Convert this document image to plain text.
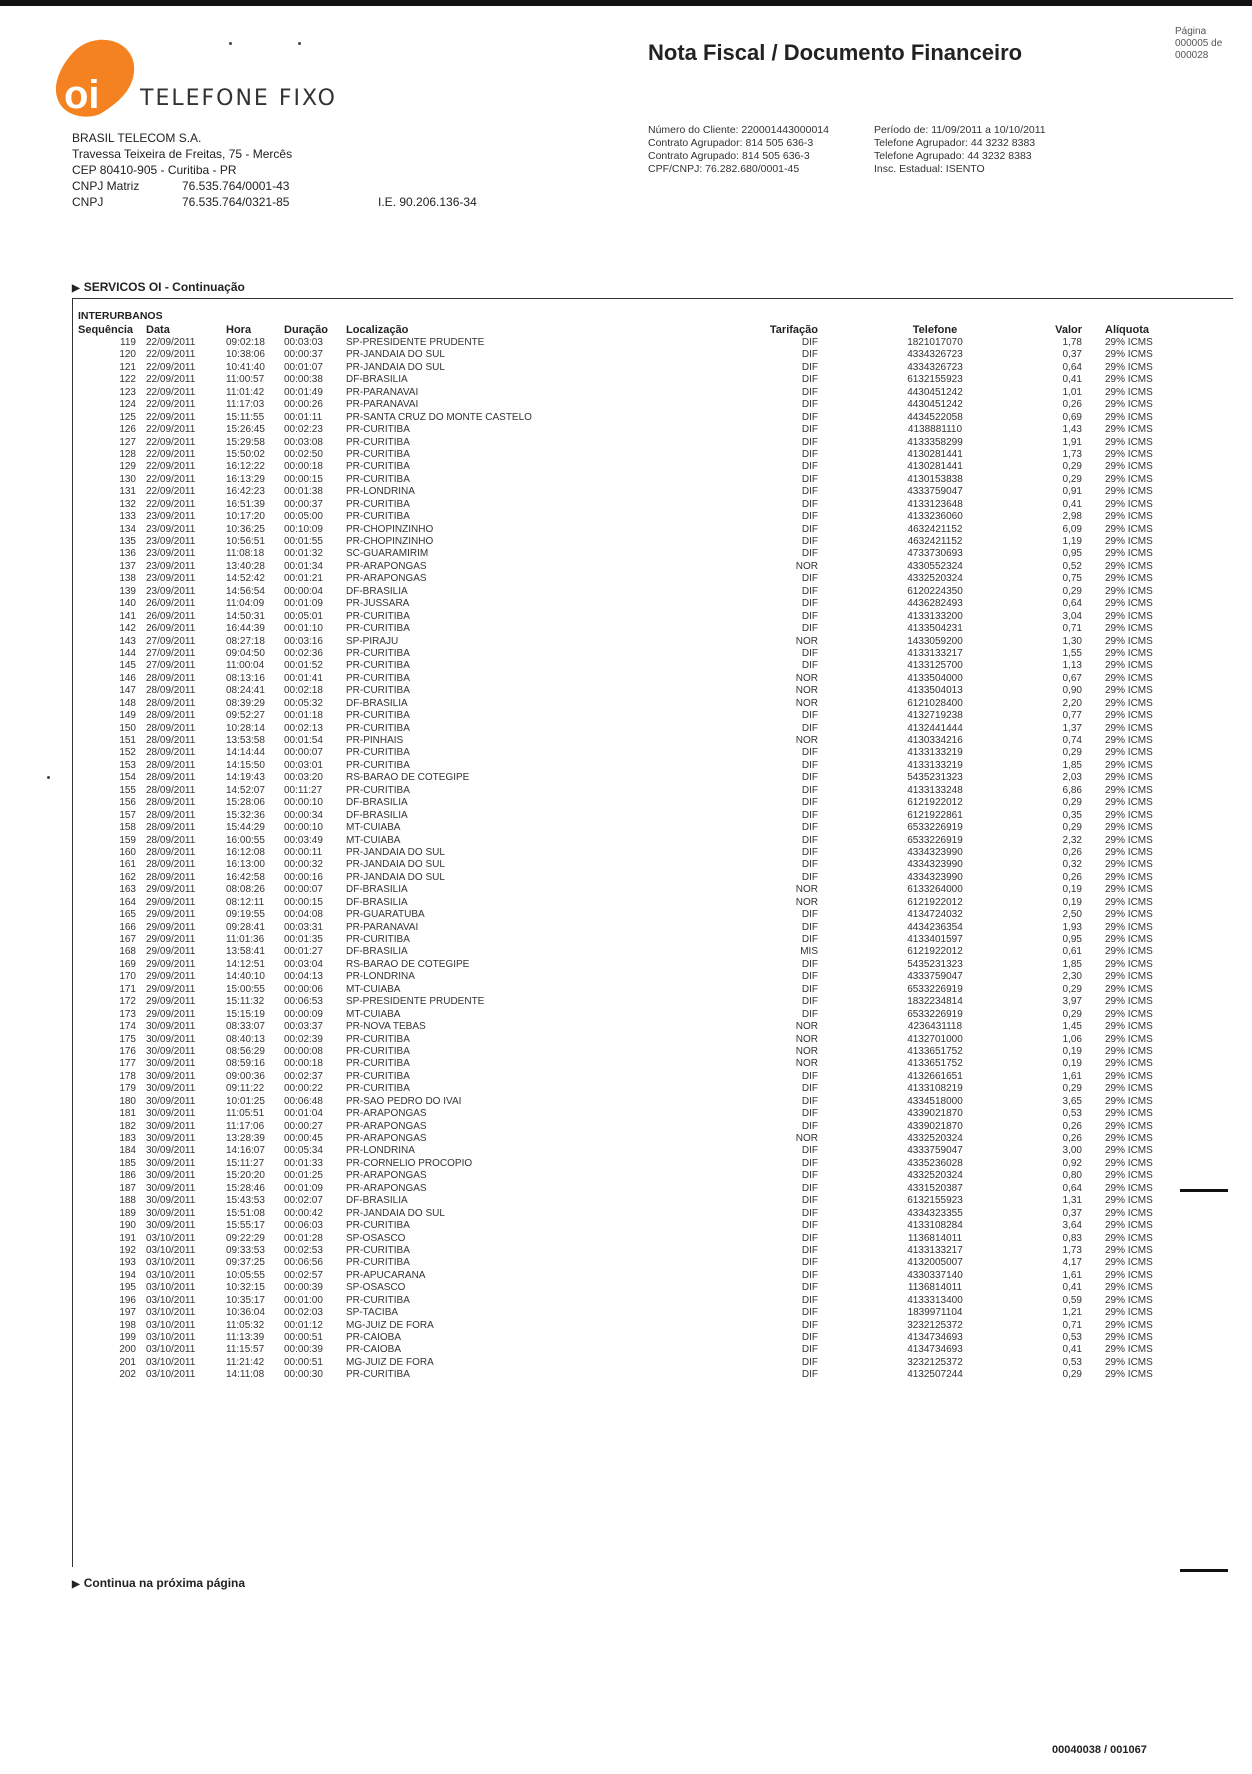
oi TELEFONE FIXO
Nota Fiscal / Documento Financeiro
Página
000005 de
000028
BRASIL TELECOM S.A.
Travessa Teixeira de Freitas, 75 - Mercês
CEP 80410-905 - Curitiba - PR
CNPJ Matriz	76.535.764/0001-43
CNPJ	76.535.764/0321-85	I.E. 90.206.136-34
Número do Cliente: 220001443000014
Contrato Agrupador: 814 505 636-3
Contrato Agrupado: 814 505 636-3
CPF/CNPJ: 76.282.680/0001-45
Período de: 11/09/2011 a 10/10/2011
Telefone Agrupador: 44 3232 8383
Telefone Agrupado: 44 3232 8383
Insc. Estadual: ISENTO
▶ SERVICOS OI - Continuação
INTERURBANOS
Sequência Data	Hora	Duração Localização	Tarifação	Telefone	Valor Alíquota
119 22/09/2011	09:02:18 00:03:03 SP-PRESIDENTE PRUDENTE	DIF	1821017070	1,78 29% ICMS
120 22/09/2011	10:38:06 00:00:37 PR-JANDAIA DO SUL	DIF	4334326723	0,37 29% ICMS
121 22/09/2011	10:41:40 00:01:07 PR-JANDAIA DO SUL	DIF	4334326723	0,64 29% ICMS
122 22/09/2011	11:00:57 00:00:38 DF-BRASILIA	DIF	6132155923	0,41 29% ICMS
123 22/09/2011	11:01:42 00:01:49 PR-PARANAVAI	DIF	4430451242	1,01 29% ICMS
124 22/09/2011	11:17:03 00:00:26 PR-PARANAVAI	DIF	4430451242	0,26 29% ICMS
125 22/09/2011	15:11:55 00:01:11 PR-SANTA CRUZ DO MONTE CASTELO	DIF	4434522058	0,69 29% ICMS
126 22/09/2011	15:26:45 00:02:23 PR-CURITIBA	DIF	4138881110	1,43 29% ICMS
127 22/09/2011	15:29:58 00:03:08 PR-CURITIBA	DIF	4133358299	1,91 29% ICMS
128 22/09/2011	15:50:02 00:02:50 PR-CURITIBA	DIF	4130281441	1,73 29% ICMS
129 22/09/2011	16:12:22 00:00:18 PR-CURITIBA	DIF	4130281441	0,29 29% ICMS
130 22/09/2011	16:13:29 00:00:15 PR-CURITIBA	DIF	4130153838	0,29 29% ICMS
131 22/09/2011	16:42:23 00:01:38 PR-LONDRINA	DIF	4333759047	0,91 29% ICMS
132 22/09/2011	16:51:39 00:00:37 PR-CURITIBA	DIF	4133123648	0,41 29% ICMS
133 23/09/2011	10:17:20 00:05:00 PR-CURITIBA	DIF	4133236060	2,98 29% ICMS
134 23/09/2011	10:36:25 00:10:09 PR-CHOPINZINHO	DIF	4632421152	6,09 29% ICMS
135 23/09/2011	10:56:51 00:01:55 PR-CHOPINZINHO	DIF	4632421152	1,19 29% ICMS
136 23/09/2011	11:08:18 00:01:32 SC-GUARAMIRIM	DIF	4733730693	0,95 29% ICMS
137 23/09/2011	13:40:28 00:01:34 PR-ARAPONGAS	NOR	4330552324	0,52 29% ICMS
138 23/09/2011	14:52:42 00:01:21 PR-ARAPONGAS	DIF	4332520324	0,75 29% ICMS
139 23/09/2011	14:56:54 00:00:04 DF-BRASILIA	DIF	6120224350	0,29 29% ICMS
140 26/09/2011	11:04:09 00:01:09 PR-JUSSARA	DIF	4436282493	0,64 29% ICMS
141 26/09/2011	14:50:31 00:05:01 PR-CURITIBA	DIF	4133133200	3,04 29% ICMS
142 26/09/2011	16:44:39 00:01:10 PR-CURITIBA	DIF	4133504231	0,71 29% ICMS
143 27/09/2011	08:27:18 00:03:16 SP-PIRAJU	NOR	1433059200	1,30 29% ICMS
144 27/09/2011	09:04:50 00:02:36 PR-CURITIBA	DIF	4133133217	1,55 29% ICMS
145 27/09/2011	11:00:04 00:01:52 PR-CURITIBA	DIF	4133125700	1,13 29% ICMS
146 28/09/2011	08:13:16 00:01:41 PR-CURITIBA	NOR	4133504000	0,67 29% ICMS
147 28/09/2011	08:24:41 00:02:18 PR-CURITIBA	NOR	4133504013	0,90 29% ICMS
148 28/09/2011	08:39:29 00:05:32 DF-BRASILIA	NOR	6121028400	2,20 29% ICMS
149 28/09/2011	09:52:27 00:01:18 PR-CURITIBA	DIF	4132719238	0,77 29% ICMS
150 28/09/2011	10:28:14 00:02:13 PR-CURITIBA	DIF	4132441444	1,37 29% ICMS
151 28/09/2011	13:53:58 00:01:54 PR-PINHAIS	NOR	4130334216	0,74 29% ICMS
152 28/09/2011	14:14:44 00:00:07 PR-CURITIBA	DIF	4133133219	0,29 29% ICMS
153 28/09/2011	14:15:50 00:03:01 PR-CURITIBA	DIF	4133133219	1,85 29% ICMS
154 28/09/2011	14:19:43 00:03:20 RS-BARAO DE COTEGIPE	DIF	5435231323	2,03 29% ICMS
155 28/09/2011	14:52:07 00:11:27 PR-CURITIBA	DIF	4133133248	6,86 29% ICMS
156 28/09/2011	15:28:06 00:00:10 DF-BRASILIA	DIF	6121922012	0,29 29% ICMS
157 28/09/2011	15:32:36 00:00:34 DF-BRASILIA	DIF	6121922861	0,35 29% ICMS
158 28/09/2011	15:44:29 00:00:10 MT-CUIABA	DIF	6533226919	0,29 29% ICMS
159 28/09/2011	16:00:55 00:03:49 MT-CUIABA	DIF	6533226919	2,32 29% ICMS
160 28/09/2011	16:12:08 00:00:11 PR-JANDAIA DO SUL	DIF	4334323990	0,26 29% ICMS
161 28/09/2011	16:13:00 00:00:32 PR-JANDAIA DO SUL	DIF	4334323990	0,32 29% ICMS
162 28/09/2011	16:42:58 00:00:16 PR-JANDAIA DO SUL	DIF	4334323990	0,26 29% ICMS
163 29/09/2011	08:08:26 00:00:07 DF-BRASILIA	NOR	6133264000	0,19 29% ICMS
164 29/09/2011	08:12:11 00:00:15 DF-BRASILIA	NOR	6121922012	0,19 29% ICMS
165 29/09/2011	09:19:55 00:04:08 PR-GUARATUBA	DIF	4134724032	2,50 29% ICMS
166 29/09/2011	09:28:41 00:03:31 PR-PARANAVAI	DIF	4434236354	1,93 29% ICMS
167 29/09/2011	11:01:36 00:01:35 PR-CURITIBA	DIF	4133401597	0,95 29% ICMS
168 29/09/2011	13:58:41 00:01:27 DF-BRASILIA	MIS	6121922012	0,61 29% ICMS
169 29/09/2011	14:12:51 00:03:04 RS-BARAO DE COTEGIPE	DIF	5435231323	1,85 29% ICMS
170 29/09/2011	14:40:10 00:04:13 PR-LONDRINA	DIF	4333759047	2,30 29% ICMS
171 29/09/2011	15:00:55 00:00:06 MT-CUIABA	DIF	6533226919	0,29 29% ICMS
172 29/09/2011	15:11:32 00:06:53 SP-PRESIDENTE PRUDENTE	DIF	1832234814	3,97 29% ICMS
173 29/09/2011	15:15:19 00:00:09 MT-CUIABA	DIF	6533226919	0,29 29% ICMS
174 30/09/2011	08:33:07 00:03:37 PR-NOVA TEBAS	NOR	4236431118	1,45 29% ICMS
175 30/09/2011	08:40:13 00:02:39 PR-CURITIBA	NOR	4132701000	1,06 29% ICMS
176 30/09/2011	08:56:29 00:00:08 PR-CURITIBA	NOR	4133651752	0,19 29% ICMS
177 30/09/2011	08:59:16 00:00:18 PR-CURITIBA	NOR	4133651752	0,19 29% ICMS
178 30/09/2011	09:00:36 00:02:37 PR-CURITIBA	DIF	4132661651	1,61 29% ICMS
179 30/09/2011	09:11:22 00:00:22 PR-CURITIBA	DIF	4133108219	0,29 29% ICMS
180 30/09/2011	10:01:25 00:06:48 PR-SAO PEDRO DO IVAI	DIF	4334518000	3,65 29% ICMS
181 30/09/2011	11:05:51 00:01:04 PR-ARAPONGAS	DIF	4339021870	0,53 29% ICMS
182 30/09/2011	11:17:06 00:00:27 PR-ARAPONGAS	DIF	4339021870	0,26 29% ICMS
183 30/09/2011	13:28:39 00:00:45 PR-ARAPONGAS	NOR	4332520324	0,26 29% ICMS
184 30/09/2011	14:16:07 00:05:34 PR-LONDRINA	DIF	4333759047	3,00 29% ICMS
185 30/09/2011	15:11:27 00:01:33 PR-CORNELIO PROCOPIO	DIF	4335236028	0,92 29% ICMS
186 30/09/2011	15:20:20 00:01:25 PR-ARAPONGAS	DIF	4332520324	0,80 29% ICMS
187 30/09/2011	15:28:46 00:01:09 PR-ARAPONGAS	DIF	4331520387	0,64 29% ICMS
188 30/09/2011	15:43:53 00:02:07 DF-BRASILIA	DIF	6132155923	1,31 29% ICMS
189 30/09/2011	15:51:08 00:00:42 PR-JANDAIA DO SUL	DIF	4334323355	0,37 29% ICMS
190 30/09/2011	15:55:17 00:06:03 PR-CURITIBA	DIF	4133108284	3,64 29% ICMS
191 03/10/2011	09:22:29 00:01:28 SP-OSASCO	DIF	1136814011	0,83 29% ICMS
192 03/10/2011	09:33:53 00:02:53 PR-CURITIBA	DIF	4133133217	1,73 29% ICMS
193 03/10/2011	09:37:25 00:06:56 PR-CURITIBA	DIF	4132005007	4,17 29% ICMS
194 03/10/2011	10:05:55 00:02:57 PR-APUCARANA	DIF	4330337140	1,61 29% ICMS
195 03/10/2011	10:32:15 00:00:39 SP-OSASCO	DIF	1136814011	0,41 29% ICMS
196 03/10/2011	10:35:17 00:01:00 PR-CURITIBA	DIF	4133313400	0,59 29% ICMS
197 03/10/2011	10:36:04 00:02:03 SP-TACIBA	DIF	1839971104	1,21 29% ICMS
198 03/10/2011	11:05:32 00:01:12 MG-JUIZ DE FORA	DIF	3232125372	0,71 29% ICMS
199 03/10/2011	11:13:39 00:00:51 PR-CAIOBA	DIF	4134734693	0,53 29% ICMS
200 03/10/2011	11:15:57 00:00:39 PR-CAIOBA	DIF	4134734693	0,41 29% ICMS
201 03/10/2011	11:21:42 00:00:51 MG-JUIZ DE FORA	DIF	3232125372	0,53 29% ICMS
202 03/10/2011	14:11:08 00:00:30 PR-CURITIBA	DIF	4132507244	0,29 29% ICMS
▶ Continua na próxima página
00040038 / 001067
